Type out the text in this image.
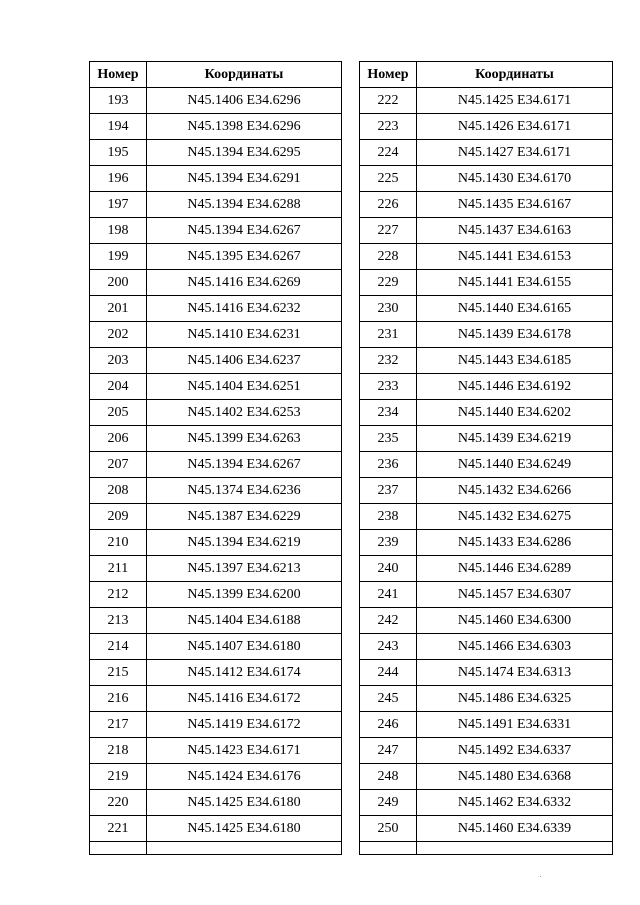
Номер	Координаты
193	N45.1406 E34.6296
194	N45.1398 E34.6296
195	N45.1394 E34.6295
196	N45.1394 E34.6291
197	N45.1394 E34.6288
198	N45.1394 E34.6267
199	N45.1395 E34.6267
200	N45.1416 E34.6269
201	N45.1416 E34.6232
202	N45.1410 E34.6231
203	N45.1406 E34.6237
204	N45.1404 E34.6251
205	N45.1402 E34.6253
206	N45.1399 E34.6263
207	N45.1394 E34.6267
208	N45.1374 E34.6236
209	N45.1387 E34.6229
210	N45.1394 E34.6219
211	N45.1397 E34.6213
212	N45.1399 E34.6200
213	N45.1404 E34.6188
214	N45.1407 E34.6180
215	N45.1412 E34.6174
216	N45.1416 E34.6172
217	N45.1419 E34.6172
218	N45.1423 E34.6171
219	N45.1424 E34.6176
220	N45.1425 E34.6180
221	N45.1425 E34.6180

Номер	Координаты
222	N45.1425 E34.6171
223	N45.1426 E34.6171
224	N45.1427 E34.6171
225	N45.1430 E34.6170
226	N45.1435 E34.6167
227	N45.1437 E34.6163
228	N45.1441 E34.6153
229	N45.1441 E34.6155
230	N45.1440 E34.6165
231	N45.1439 E34.6178
232	N45.1443 E34.6185
233	N45.1446 E34.6192
234	N45.1440 E34.6202
235	N45.1439 E34.6219
236	N45.1440 E34.6249
237	N45.1432 E34.6266
238	N45.1432 E34.6275
239	N45.1433 E34.6286
240	N45.1446 E34.6289
241	N45.1457 E34.6307
242	N45.1460 E34.6300
243	N45.1466 E34.6303
244	N45.1474 E34.6313
245	N45.1486 E34.6325
246	N45.1491 E34.6331
247	N45.1492 E34.6337
248	N45.1480 E34.6368
249	N45.1462 E34.6332
250	N45.1460 E34.6339
